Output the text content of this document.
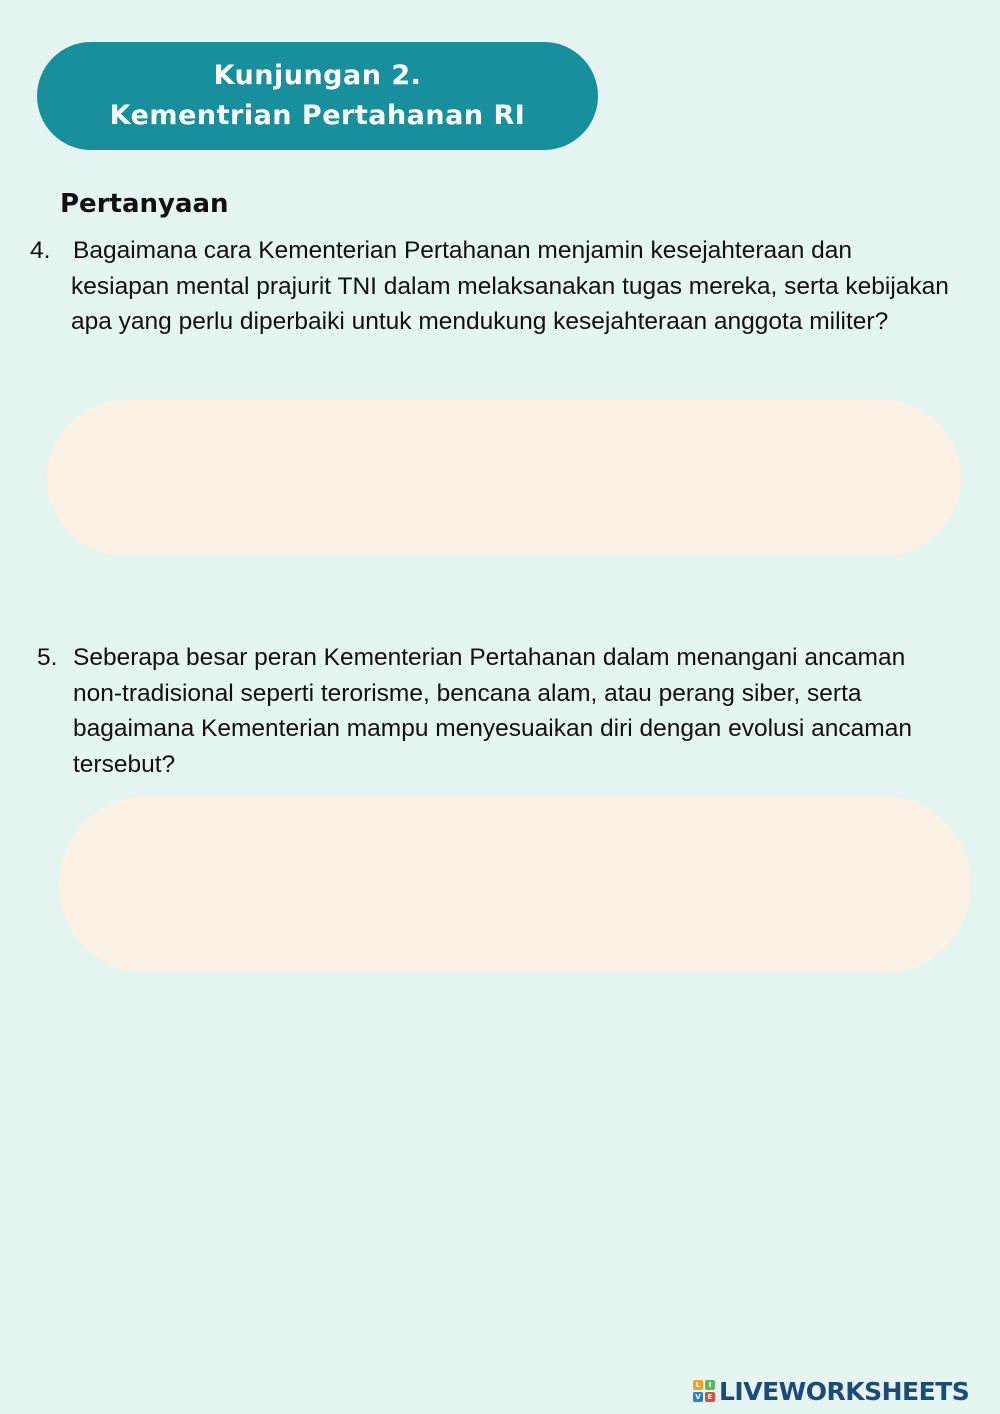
Kunjungan 2.
Kementrian Pertahanan RI
Pertanyaan
4. Bagaimana cara Kementerian Pertahanan menjamin kesejahteraan dan kesiapan mental prajurit TNI dalam melaksanakan tugas mereka, serta kebijakan apa yang perlu diperbaiki untuk mendukung kesejahteraan anggota militer?
5. Seberapa besar peran Kementerian Pertahanan dalam menangani ancaman non-tradisional seperti terorisme, bencana alam, atau perang siber, serta bagaimana Kementerian mampu menyesuaikan diri dengan evolusi ancaman tersebut?
L	I
V E LIVEWORKSHEETS
